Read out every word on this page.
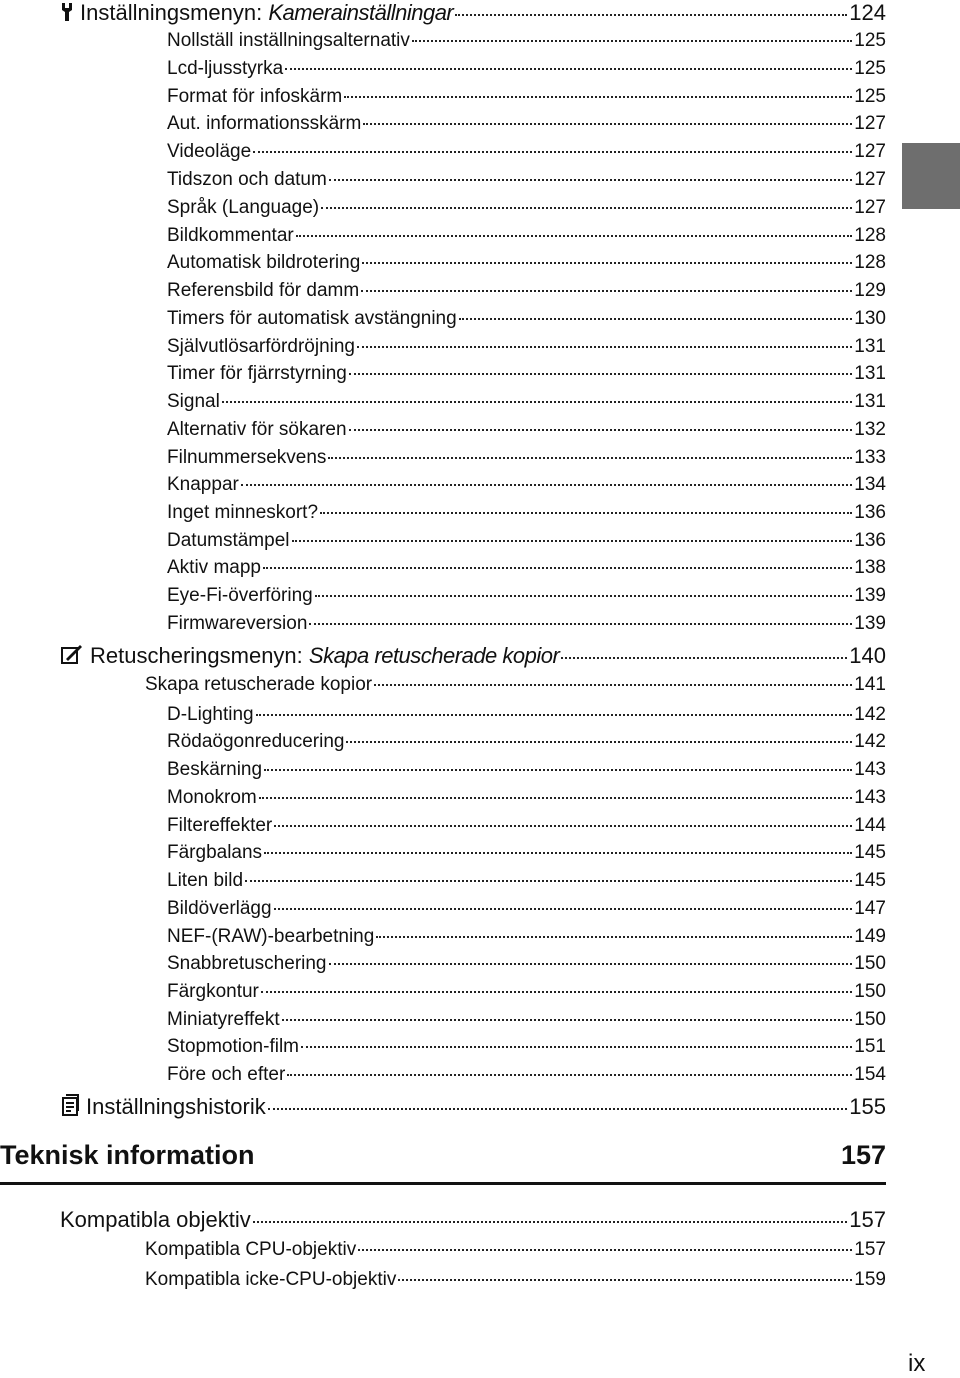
Inställningsmenyn: Kamerainställningar	124
Nollställ inställningsalternativ	125
Lcd-ljusstyrka	125
Format för infoskärm	125
Aut. informationsskärm	127
Videoläge	127
Tidszon och datum	127
Språk (Language)	127
Bildkommentar	128
Automatisk bildrotering	128
Referensbild för damm	129
Timers för automatisk avstängning	130
Självutlösarfördröjning	131
Timer för fjärrstyrning	131
Signal	131
Alternativ för sökaren	132
Filnummersekvens	133
Knappar	134
Inget minneskort?	136
Datumstämpel	136
Aktiv mapp	138
Eye-Fi-överföring	139
Firmwareversion	139
Retuscheringsmenyn: Skapa retuscherade kopior	140
Skapa retuscherade kopior	141
D-Lighting	142
Rödaögonreducering	142
Beskärning	143
Monokrom	143
Filtereffekter	144
Färgbalans	145
Liten bild	145
Bildöverlägg	147
NEF-(RAW)-bearbetning	149
Snabbretuschering	150
Färgkontur	150
Miniatyreffekt	150
Stopmotion-film	151
Före och efter	154
Inställningshistorik	155
Kompatibla objektiv	157
Kompatibla CPU-objektiv	157
Kompatibla icke-CPU-objektiv	159
Teknisk information	157
ix
